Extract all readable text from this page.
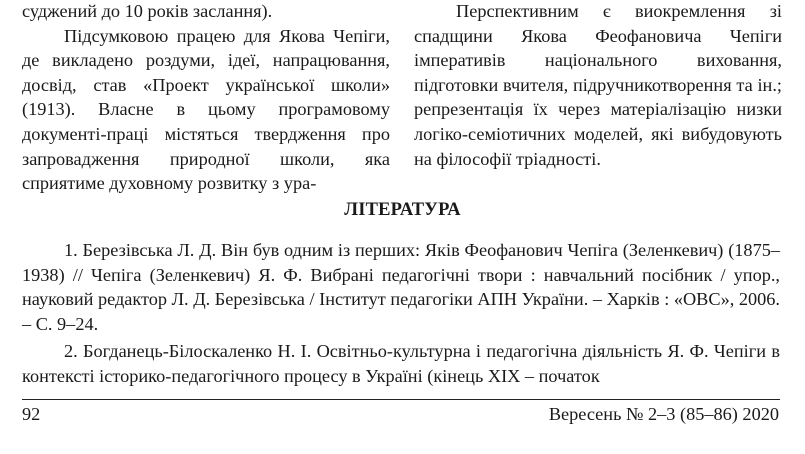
суджений до 10 років заслання).

Підсумковою працею для Якова Чепіги, де викладено роздуми, ідеї, напрацювання, досвід, став «Проект української школи» (1913). Власне в цьому програмовому документі-праці містяться твердження про запровадження природної школи, яка сприятиме духовному розвитку з ура-

Перспективним є виокремлення зі спадщини Якова Феофановича Чепіги імперативів національного виховання, підготовки вчителя, підручникотворення та ін.; репрезентація їх через матеріалізацію низки логіко-семіотичних моделей, які вибудовують на філософії тріадності.

ЛІТЕРАТУРА

1. Березівська Л. Д. Він був одним із перших: Яків Феофанович Чепіга (Зеленкевич) (1875–1938) // Чепіга (Зеленкевич) Я. Ф. Вибрані педагогічні твори : навчальний посібник / упор., науковий редактор Л. Д. Березівська / Інститут педагогіки АПН України. – Харків : «ОВС», 2006. – С. 9–24.

2. Богданець-Білоскаленко Н. І. Освітньо-культурна і педагогічна діяльність Я. Ф. Чепіги в контексті історико-педагогічного процесу в Україні (кінець ХІХ – початок

92	Вересень № 2–3 (85–86) 2020
